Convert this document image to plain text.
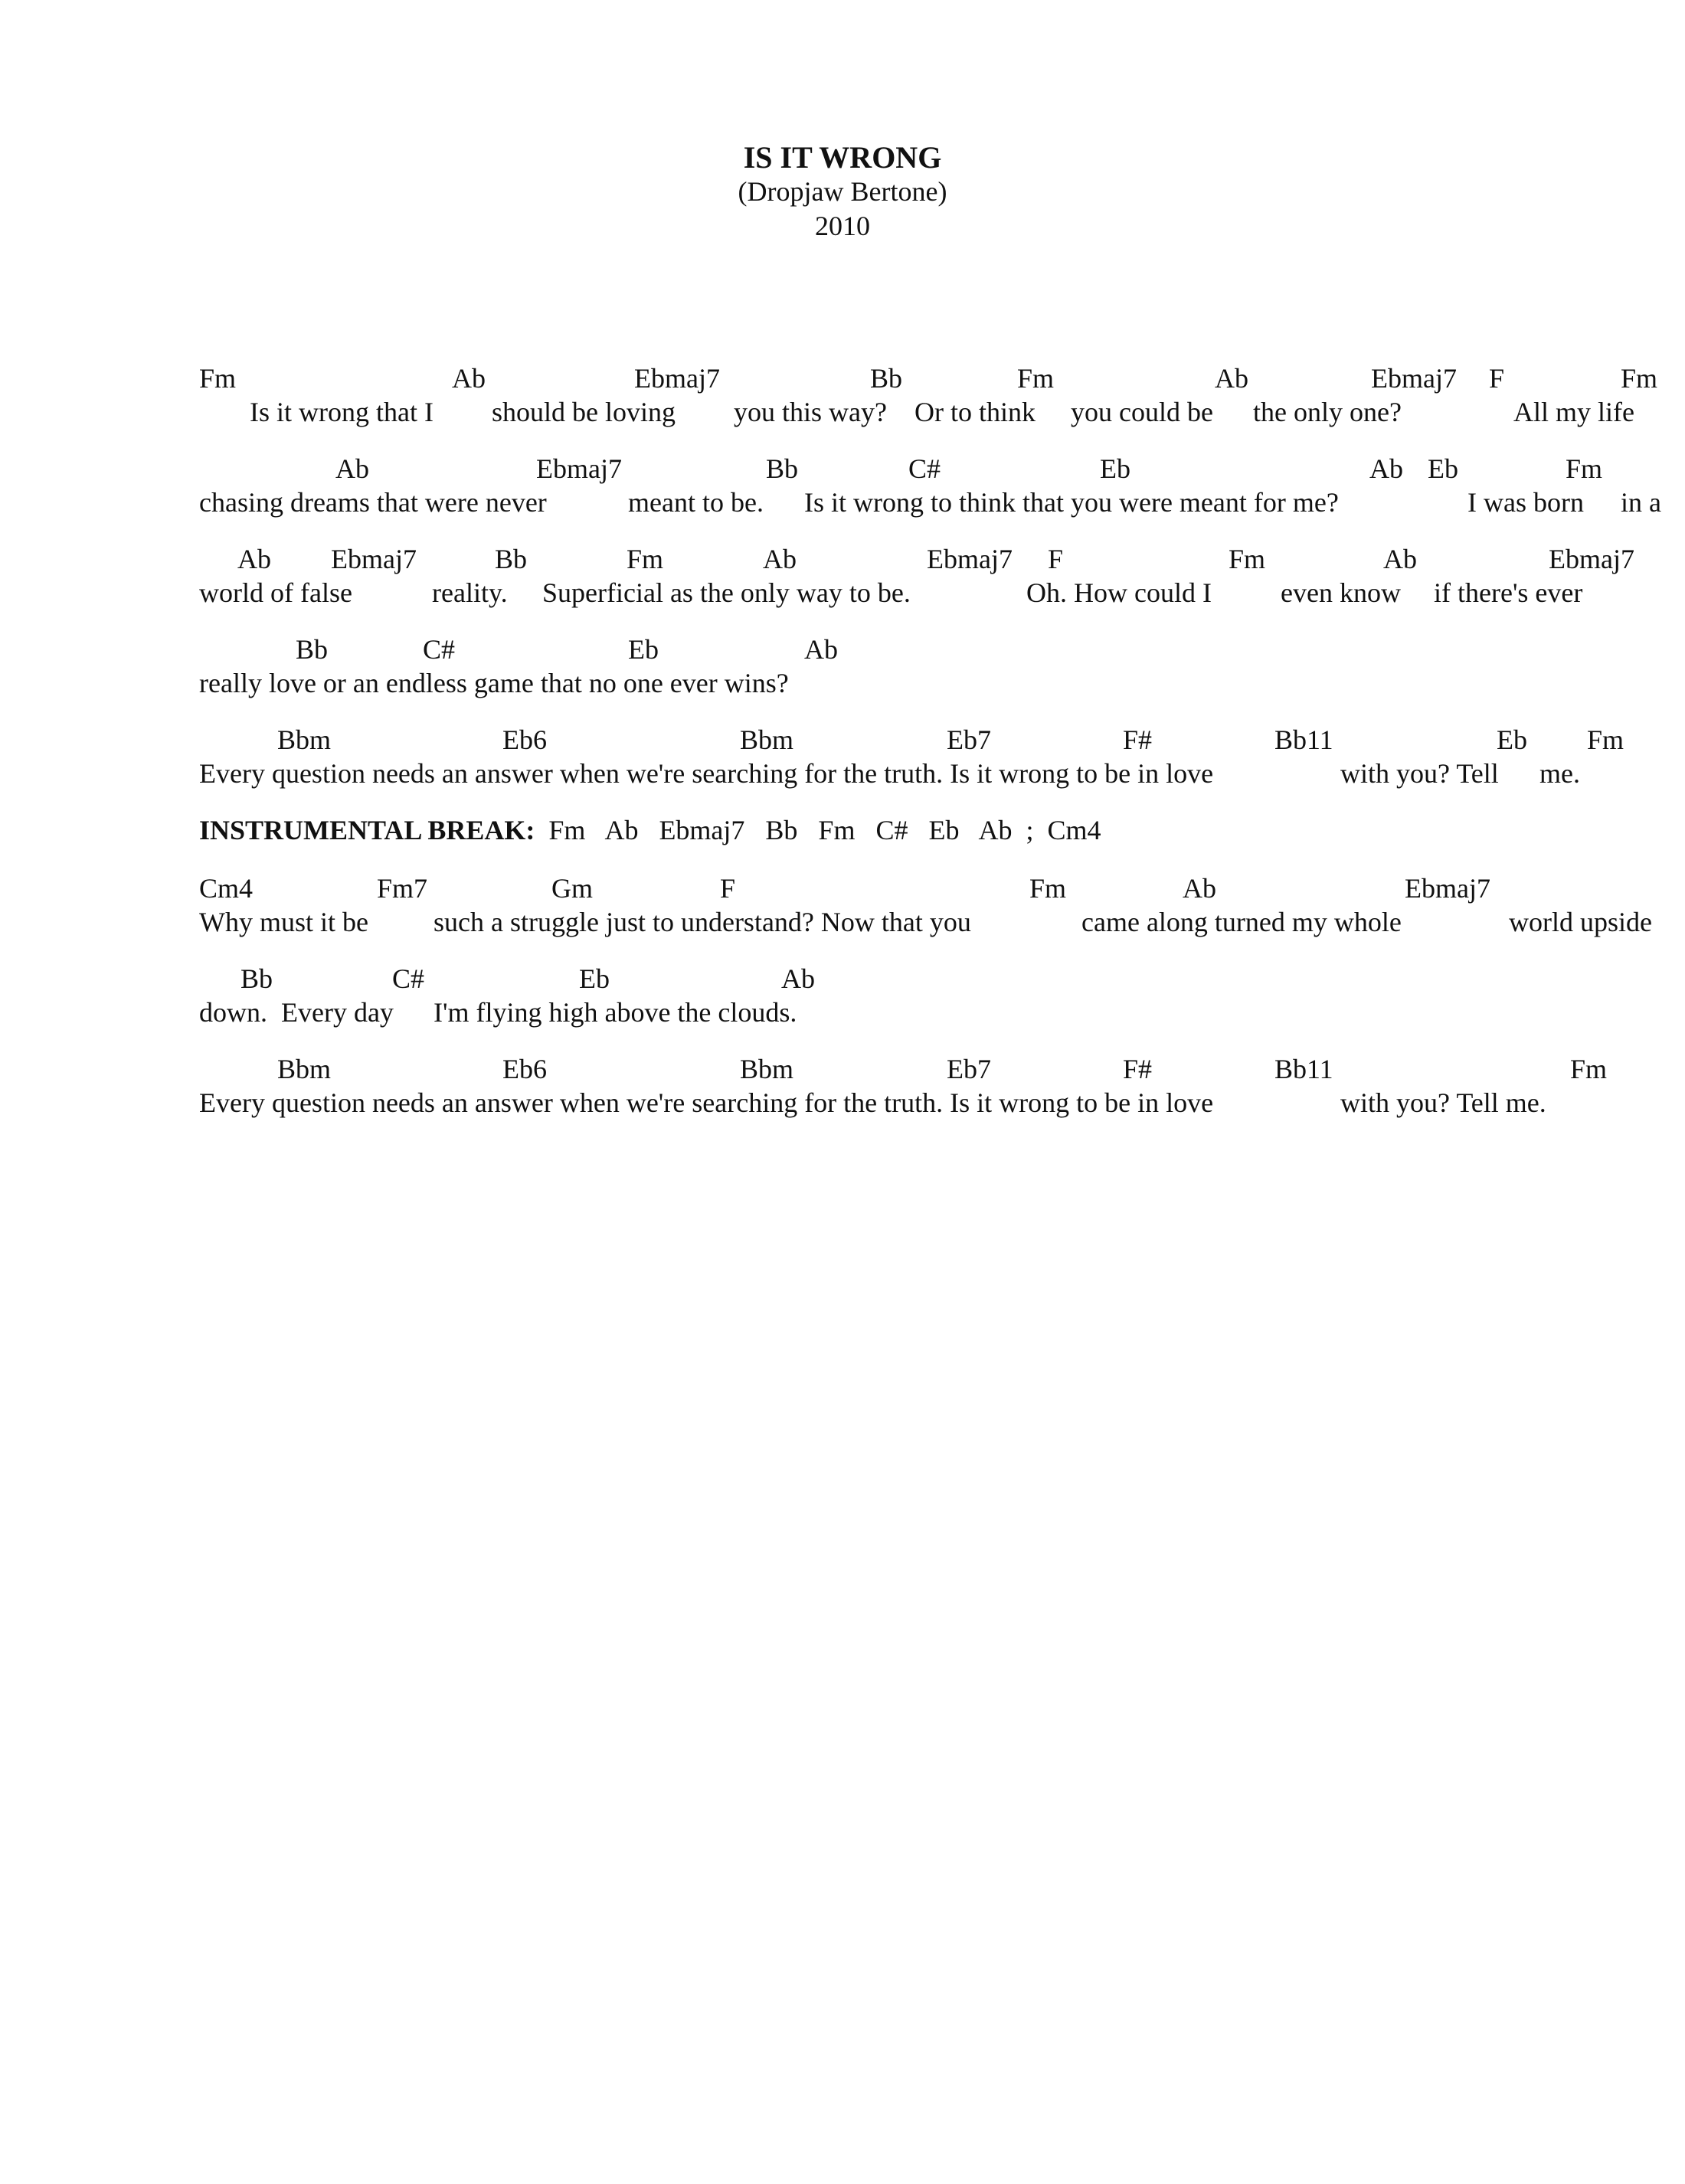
IS IT WRONG
(Dropjaw Bertone)
2010
Fm	Ab	Ebmaj7	Bb	Fm	Ab	Ebmaj7 F	Fm
Is it wrong that I should be loving you this way? Or to think you could be the only one?	All my life
Ab	Ebmaj7	Bb	C#	Eb	Ab Eb	Fm
chasing dreams that were never	meant to be. Is it wrong to think that you were meant for me?	I was born in a
Ab Ebmaj7	Bb	Fm	Ab	Ebmaj7 F	Fm	Ab	Ebmaj7
world of false	reality. Superficial as the only way to be.	Oh. How could I	even know if there's ever
Bb	C#	Eb	Ab
really love or an endless game that no one ever wins?
Bbm	Eb6	Bbm	Eb7	F#	Bb11	Eb Fm
Every question needs an answer when we're searching for the truth. Is it wrong to be in love	with you? Tell me.
INSTRUMENTAL BREAK: Fm   Ab   Ebmaj7   Bb   Fm   C#   Eb   Ab  ;  Cm4
Cm4	Fm7	Gm	F	Fm	Ab	Ebmaj7
Why must it be such a struggle just to understand? Now that you	came along turned my whole	world upside
Bb	C#	Eb	Ab
down.  Every day I'm flying high above the clouds.
Bbm	Eb6	Bbm	Eb7	F#	Bb11	Fm
Every question needs an answer when we're searching for the truth. Is it wrong to be in love	with you? Tell me.
